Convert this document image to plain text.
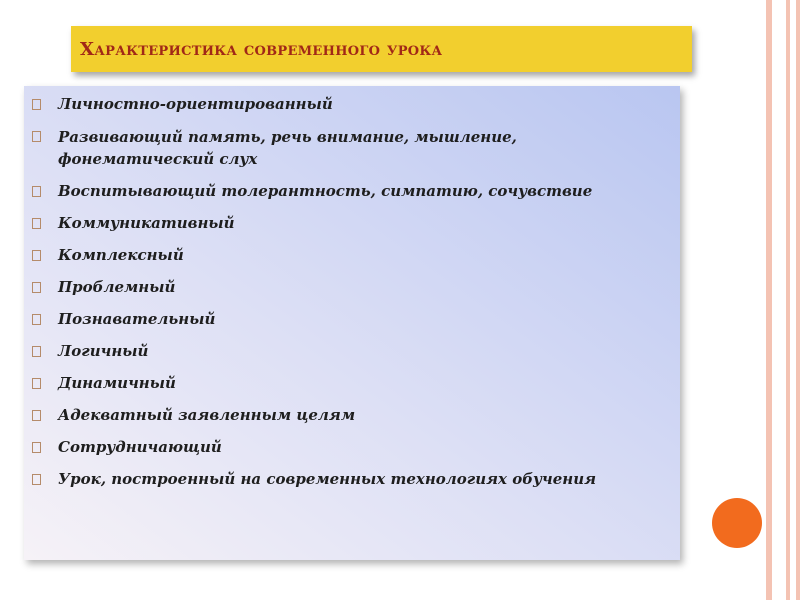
Характеристика современного урока
Личностно-ориентированный
Развивающий память, речь внимание, мышление, фонематический слух
Воспитывающий толерантность, симпатию, сочувствие
Коммуникативный
Комплексный
Проблемный
Познавательный
Логичный
Динамичный
Адекватный заявленным целям
Сотрудничающий
Урок, построенный на современных технологиях обучения
